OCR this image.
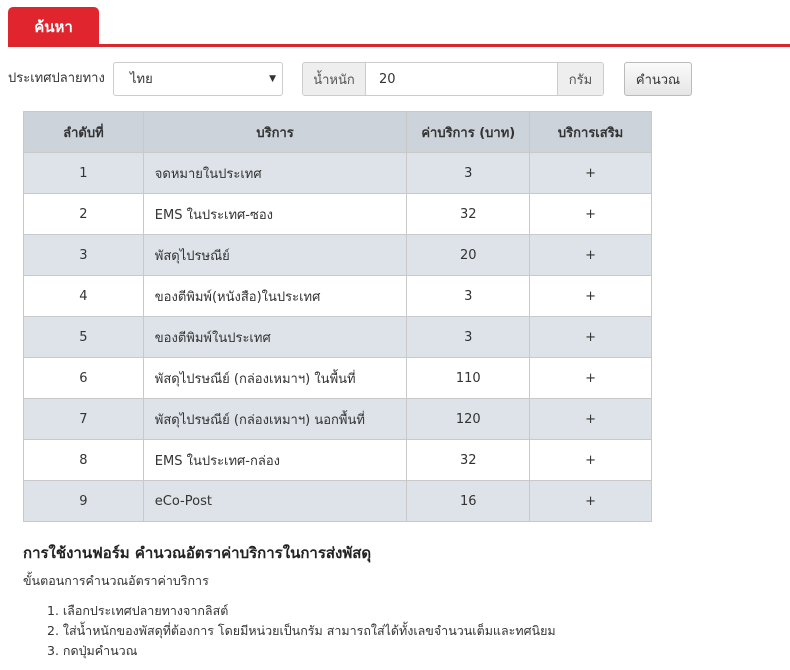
ค้นหา
ประเทศปลายทาง ไทย	▼	น้ำหนัก
20	กรัม	คำนวณ
ลำดับที่	บริการ	ค่าบริการ (บาท)	บริการเสริม
1	จดหมายในประเทศ	3	+
2	EMS ในประเทศ-ซอง	32	+
3	พัสดุไปรษณีย์	20	+
4	ของตีพิมพ์(หนังสือ)ในประเทศ	3	+
5	ของตีพิมพ์ในประเทศ	3	+
6	พัสดุไปรษณีย์ (กล่องเหมาฯ) ในพื้นที่	110	+
7	พัสดุไปรษณีย์ (กล่องเหมาฯ) นอกพื้นที่	120	+
8	EMS ในประเทศ-กล่อง	32	+
9	eCo-Post	16	+
การใช้งานฟอร์ม คำนวณอัตราค่าบริการในการส่งพัสดุ

ขั้นตอนการคำนวณอัตราค่าบริการ

1. เลือกประเทศปลายทางจากลิสต์
2. ใส่น้ำหนักของพัสดุที่ต้องการ โดยมีหน่วยเป็นกรัม สามารถใส่ได้ทั้งเลขจำนวนเต็มและทศนิยม
3. กดปุ่มคำนวณ
